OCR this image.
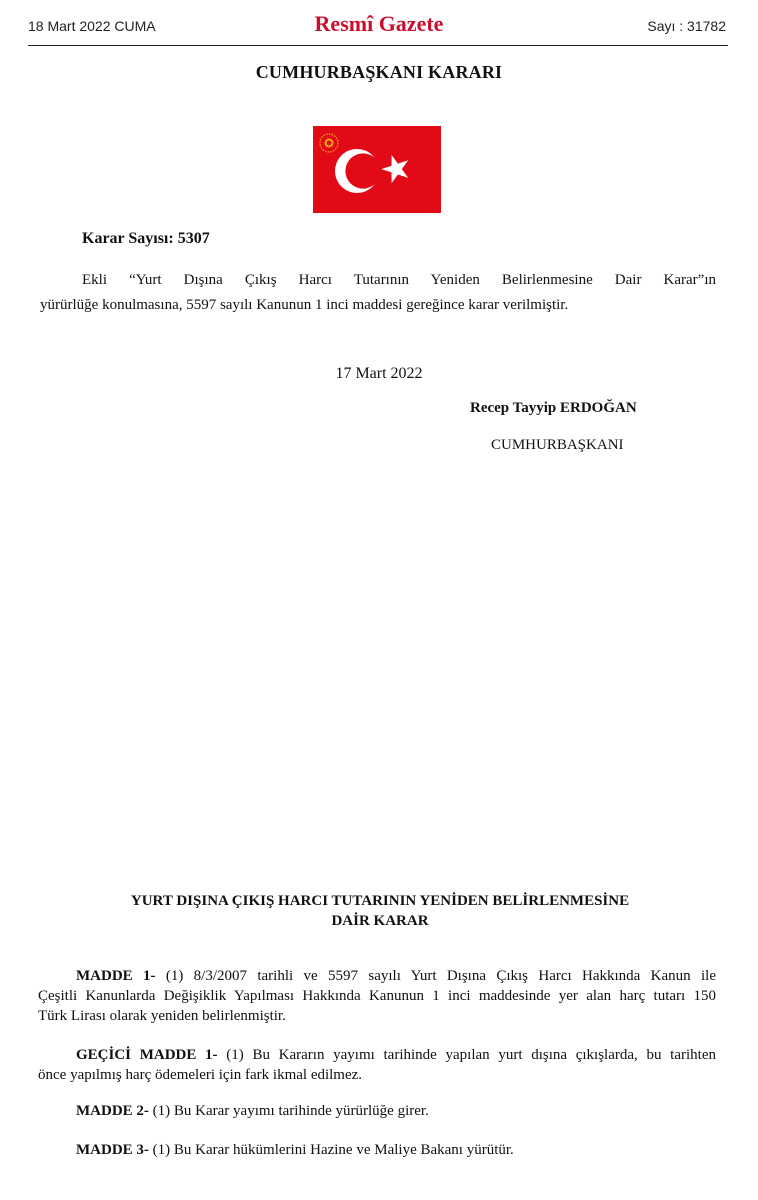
18 Mart 2022 CUMA	Resmî Gazete	Sayı : 31782
CUMHURBAŞKANI KARARI
Karar Sayısı: 5307
Ekli “Yurt Dışına Çıkış Harcı Tutarının Yeniden Belirlenmesine Dair Karar”ın
yürürlüğe konulmasına, 5597 sayılı Kanunun 1 inci maddesi gereğince karar verilmiştir.
17 Mart 2022
Recep Tayyip ERDOĞAN
CUMHURBAŞKANI
YURT DIŞINA ÇIKIŞ HARCI TUTARININ YENİDEN BELİRLENMESİNE
DAİR KARAR
MADDE 1- (1) 8/3/2007 tarihli ve 5597 sayılı Yurt Dışına Çıkış Harcı Hakkında Kanun ile
Çeşitli Kanunlarda Değişiklik Yapılması Hakkında Kanunun 1 inci maddesinde yer alan harç tutarı 150
Türk Lirası olarak yeniden belirlenmiştir.
GEÇİCİ MADDE 1- (1) Bu Kararın yayımı tarihinde yapılan yurt dışına çıkışlarda, bu tarihten
önce yapılmış harç ödemeleri için fark ikmal edilmez.
MADDE 2- (1) Bu Karar yayımı tarihinde yürürlüğe girer.
MADDE 3- (1) Bu Karar hükümlerini Hazine ve Maliye Bakanı yürütür.
